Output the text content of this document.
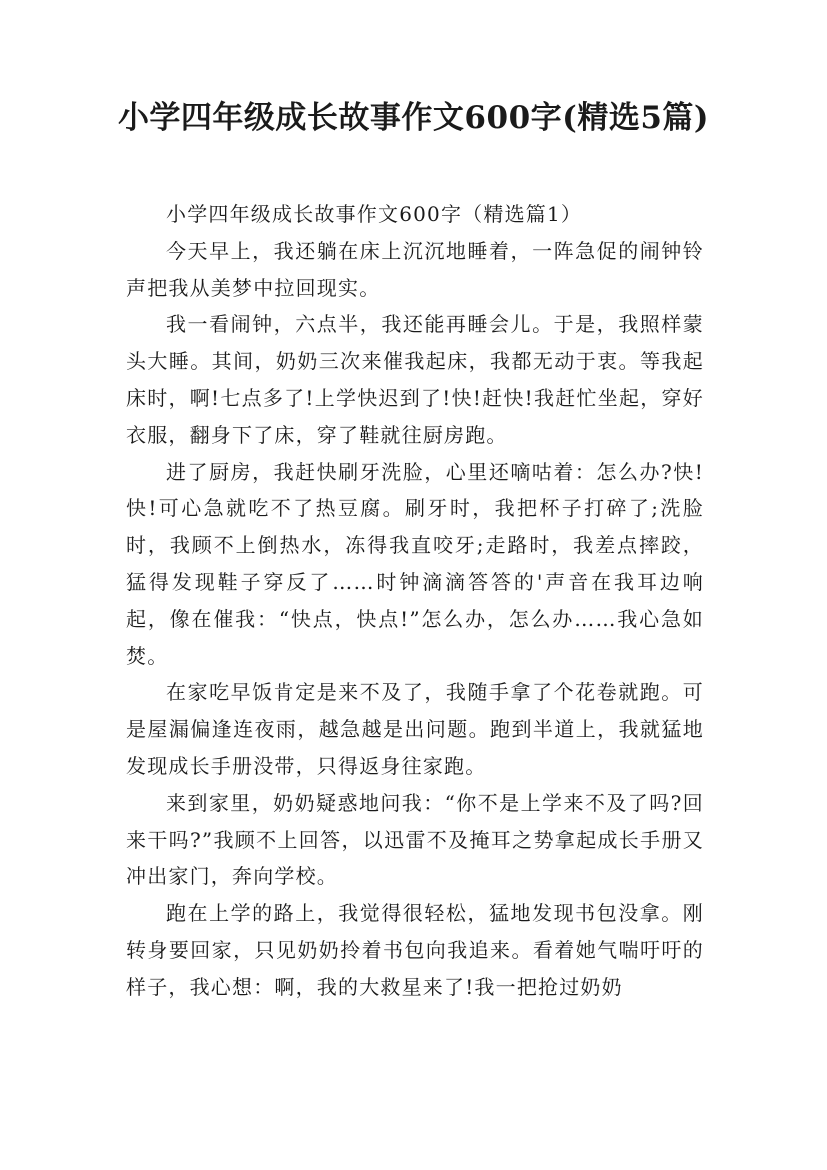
小学四年级成长故事作文600字(精选5篇)

小学四年级成长故事作文600字（精选篇1）

今天早上，我还躺在床上沉沉地睡着，一阵急促的闹钟铃声把我从美梦中拉回现实。

我一看闹钟，六点半，我还能再睡会儿。于是，我照样蒙头大睡。其间，奶奶三次来催我起床，我都无动于衷。等我起床时，啊!七点多了!上学快迟到了!快!赶快!我赶忙坐起，穿好衣服，翻身下了床，穿了鞋就往厨房跑。

进了厨房，我赶快刷牙洗脸，心里还嘀咕着：怎么办?快!快!可心急就吃不了热豆腐。刷牙时，我把杯子打碎了;洗脸时，我顾不上倒热水，冻得我直咬牙;走路时，我差点摔跤，猛得发现鞋子穿反了……时钟滴滴答答的'声音在我耳边响起，像在催我：“快点，快点!”怎么办，怎么办……我心急如焚。

在家吃早饭肯定是来不及了，我随手拿了个花卷就跑。可是屋漏偏逢连夜雨，越急越是出问题。跑到半道上，我就猛地发现成长手册没带，只得返身往家跑。

来到家里，奶奶疑惑地问我：“你不是上学来不及了吗?回来干吗?”我顾不上回答，以迅雷不及掩耳之势拿起成长手册又冲出家门，奔向学校。

跑在上学的路上，我觉得很轻松，猛地发现书包没拿。刚转身要回家，只见奶奶拎着书包向我追来。看着她气喘吁吁的样子，我心想：啊，我的大救星来了!我一把抢过奶奶
